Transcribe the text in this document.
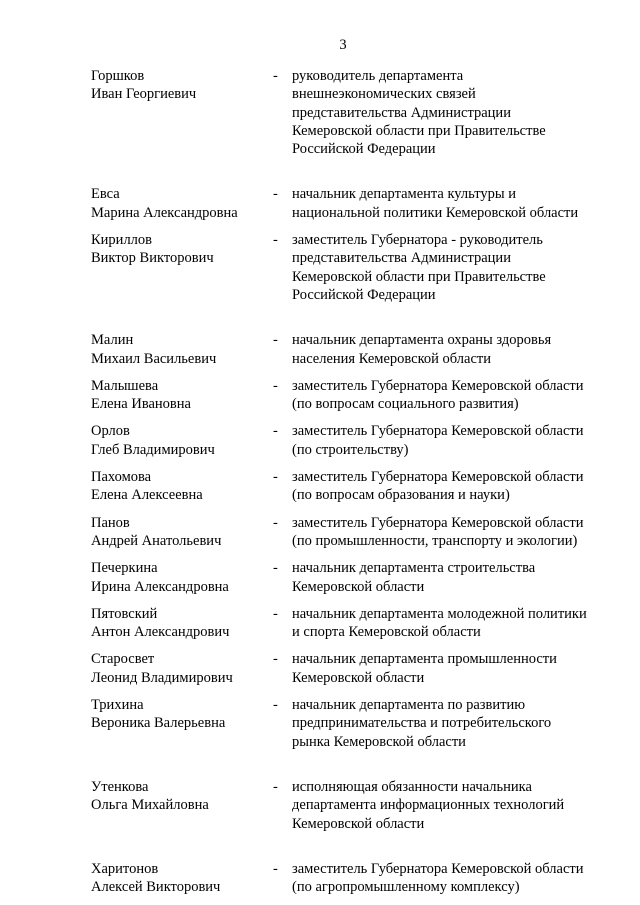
3
Горшков
Иван Георгиевич
- руководитель департамента
внешнеэкономических связей
представительства Администрации
Кемеровской области при Правительстве
Российской Федерации
Евса
Марина Александровна
- начальник департамента культуры и
национальной политики Кемеровской области
Кириллов
Виктор Викторович
- заместитель Губернатора - руководитель
представительства Администрации
Кемеровской области при Правительстве
Российской Федерации
Малин
Михаил Васильевич
- начальник департамента охраны здоровья
населения Кемеровской области
Малышева
Елена Ивановна
- заместитель Губернатора Кемеровской области
(по вопросам социального развития)
Орлов
Глеб Владимирович
- заместитель Губернатора Кемеровской области
(по строительству)
Пахомова
Елена Алексеевна
- заместитель Губернатора Кемеровской области
(по вопросам образования и науки)
Панов
Андрей Анатольевич
- заместитель Губернатора Кемеровской области
(по промышленности, транспорту и экологии)
Печеркина
Ирина Александровна
- начальник департамента строительства
Кемеровской области
Пятовский
Антон Александрович
- начальник департамента молодежной политики
и спорта Кемеровской области
Старосвет
Леонид Владимирович
- начальник департамента промышленности
Кемеровской области
Трихина
Вероника Валерьевна
- начальник департамента по развитию
предпринимательства и потребительского
рынка Кемеровской области
Утенкова
Ольга Михайловна
- исполняющая обязанности начальника
департамента информационных технологий
Кемеровской области
Харитонов
Алексей Викторович
- заместитель Губернатора Кемеровской области
(по агропромышленному комплексу)
